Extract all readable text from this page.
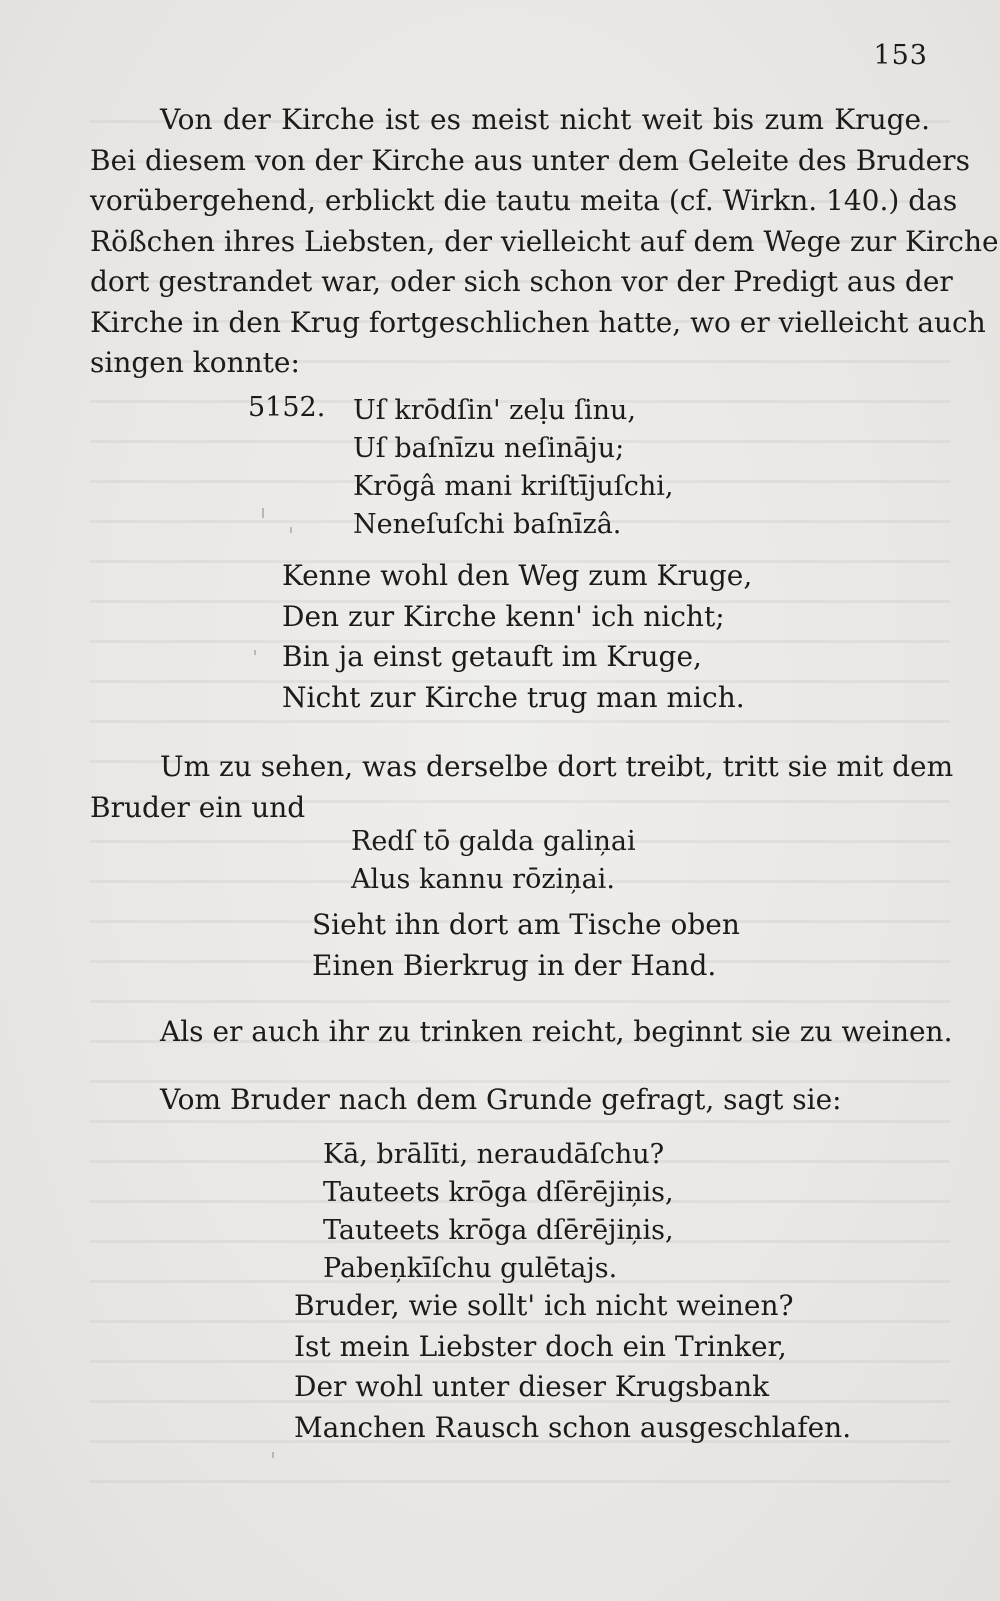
153
Von der Kirche ist es meist nicht weit bis zum Kruge.
Bei diesem von der Kirche aus unter dem Geleite des Bruders
vorübergehend, erblickt die tautu meita (cf. Wirkn. 140.) das
Rößchen ihres Liebsten, der vielleicht auf dem Wege zur Kirche
dort gestrandet war, oder sich schon vor der Predigt aus der
Kirche in den Krug fortgeschlichen hatte, wo er vielleicht auch
singen konnte:
5152. Uſ krōdſin' zeḷu ſinu,
Uſ baſnīzu neſināju;
Krōgâ mani kriſtījuſchi,
Neneſuſchi baſnīzâ.
Kenne wohl den Weg zum Kruge,
Den zur Kirche kenn' ich nicht;
Bin ja einst getauft im Kruge,
Nicht zur Kirche trug man mich.
Um zu sehen, was derselbe dort treibt, tritt sie mit dem
Bruder ein und
Redſ tō galda galiņai
Alus kannu rōziņai.
Sieht ihn dort am Tische oben
Einen Bierkrug in der Hand.
Als er auch ihr zu trinken reicht, beginnt sie zu weinen.
Vom Bruder nach dem Grunde gefragt, sagt sie:
Kā, brālīti, neraudāſchu?
Tauteets krōga dſērējiņis,
Tauteets krōga dſērējiņis,
Pabeņkīſchu gulētajs.
Bruder, wie sollt' ich nicht weinen?
Ist mein Liebster doch ein Trinker,
Der wohl unter dieser Krugsbank
Manchen Rausch schon ausgeschlafen.
